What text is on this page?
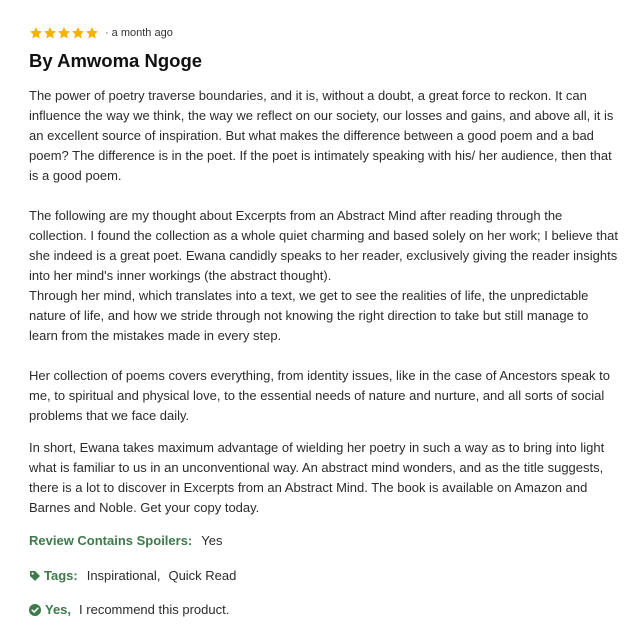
· a month ago
By Amwoma Ngoge

The power of poetry traverse boundaries, and it is, without a doubt, a great force to reckon. It can influence the way we think, the way we reflect on our society, our losses and gains, and above all, it is an excellent source of inspiration. But what makes the difference between a good poem and a bad poem? The difference is in the poet. If the poet is intimately speaking with his/ her audience, then that is a good poem.

The following are my thought about Excerpts from an Abstract Mind after reading through the collection. I found the collection as a whole quiet charming and based solely on her work; I believe that she indeed is a great poet. Ewana candidly speaks to her reader, exclusively giving the reader insights into her mind's inner workings (the abstract thought).

Through her mind, which translates into a text, we get to see the realities of life, the unpredictable nature of life, and how we stride through not knowing the right direction to take but still manage to learn from the mistakes made in every step.

Her collection of poems covers everything, from identity issues, like in the case of Ancestors speak to me, to spiritual and physical love, to the essential needs of nature and nurture, and all sorts of social problems that we face daily.

In short, Ewana takes maximum advantage of wielding her poetry in such a way as to bring into light what is familiar to us in an unconventional way. An abstract mind wonders, and as the title suggests, there is a lot to discover in Excerpts from an Abstract Mind. The book is available on Amazon and Barnes and Noble. Get your copy today.

Review Contains Spoilers: Yes
Tags: Inspirational , Quick Read
Yes, I recommend this product.
